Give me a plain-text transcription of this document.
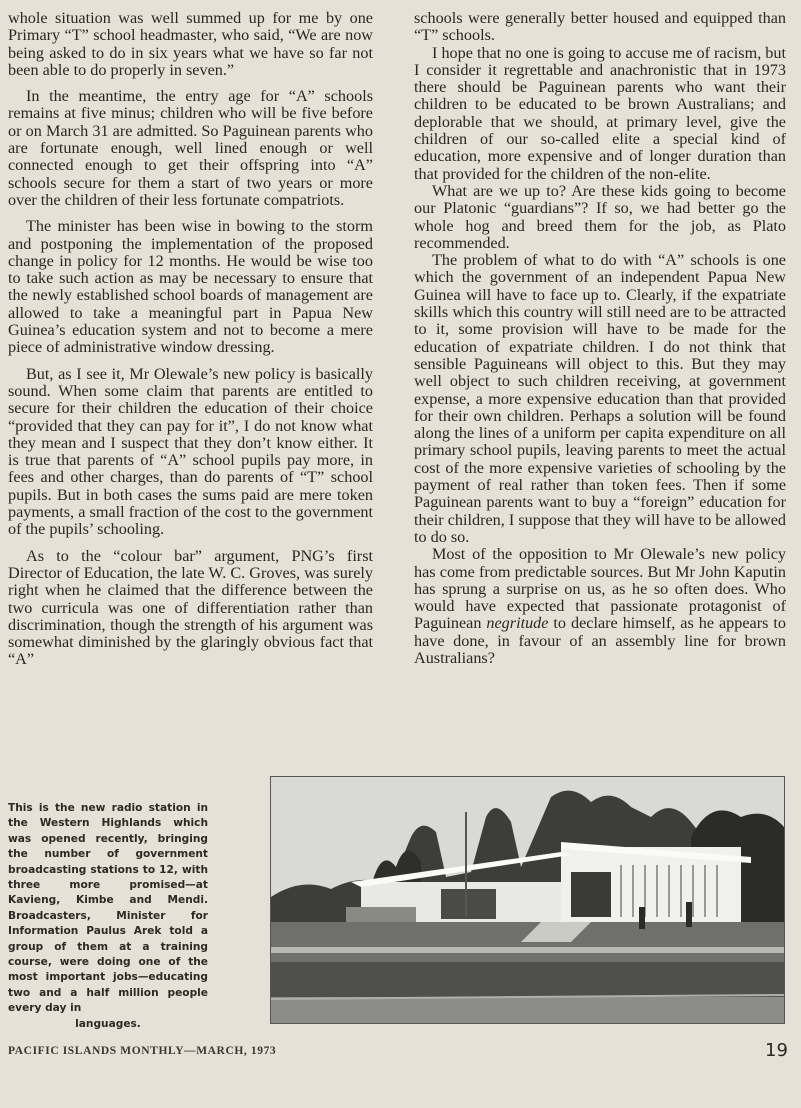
whole situation was well summed up for me by one Primary “T” school headmaster, who said, “We are now being asked to do in six years what we have so far not been able to do properly in seven.”

In the meantime, the entry age for “A” schools remains at five minus; children who will be five before or on March 31 are admitted. So Paguinean parents who are fortunate enough, well lined enough or well connected enough to get their offspring into “A” schools secure for them a start of two years or more over the children of their less fortunate compatriots.

The minister has been wise in bowing to the storm and postponing the implementation of the proposed change in policy for 12 months. He would be wise too to take such action as may be necessary to ensure that the newly established school boards of management are allowed to take a meaningful part in Papua New Guinea’s education system and not to become a mere piece of administrative window dressing.

But, as I see it, Mr Olewale’s new policy is basically sound. When some claim that parents are entitled to secure for their children the education of their choice “provided that they can pay for it”, I do not know what they mean and I suspect that they don’t know either. It is true that parents of “A” school pupils pay more, in fees and other charges, than do parents of “T” school pupils. But in both cases the sums paid are mere token payments, a small fraction of the cost to the government of the pupils’ schooling.

As to the “colour bar” argument, PNG’s first Director of Education, the late W. C. Groves, was surely right when he claimed that the difference between the two curricula was one of differentiation rather than discrimination, though the strength of his argument was somewhat diminished by the glaringly obvious fact that “A”

schools were generally better housed and equipped than “T” schools.

I hope that no one is going to accuse me of racism, but I consider it regrettable and anachronistic that in 1973 there should be Paguinean parents who want their children to be educated to be brown Australians; and deplorable that we should, at primary level, give the children of our so-called elite a special kind of education, more expensive and of longer duration than that provided for the children of the non-elite.

What are we up to? Are these kids going to become our Platonic “guardians”? If so, we had better go the whole hog and breed them for the job, as Plato recommended.

The problem of what to do with “A” schools is one which the government of an independent Papua New Guinea will have to face up to. Clearly, if the expatriate skills which this country will still need are to be attracted to it, some provision will have to be made for the education of expatriate children. I do not think that sensible Paguineans will object to this. But they may well object to such children receiving, at government expense, a more expensive education than that provided for their own children. Perhaps a solution will be found along the lines of a uniform per capita expenditure on all primary school pupils, leaving parents to meet the actual cost of the more expensive varieties of schooling by the payment of real rather than token fees. Then if some Paguinean parents want to buy a “foreign” education for their children, I suppose that they will have to be allowed to do so.

Most of the opposition to Mr Olewale’s new policy has come from predictable sources. But Mr John Kaputin has sprung a surprise on us, as he so often does. Who would have expected that passionate protagonist of Paguinean negritude to declare himself, as he appears to have done, in favour of an assembly line for brown Australians?

This is the new radio station in the Western Highlands which was opened recently, bringing the number of government broadcasting stations to 12, with three more promised—at Kavieng, Kimbe and Mendi. Broadcasters, Minister for Information Paulus Arek told a group of them at a training course, were doing one of the most important jobs—educating two and a half million people every day in
languages.
PACIFIC ISLANDS MONTHLY—MARCH, 1973	19
